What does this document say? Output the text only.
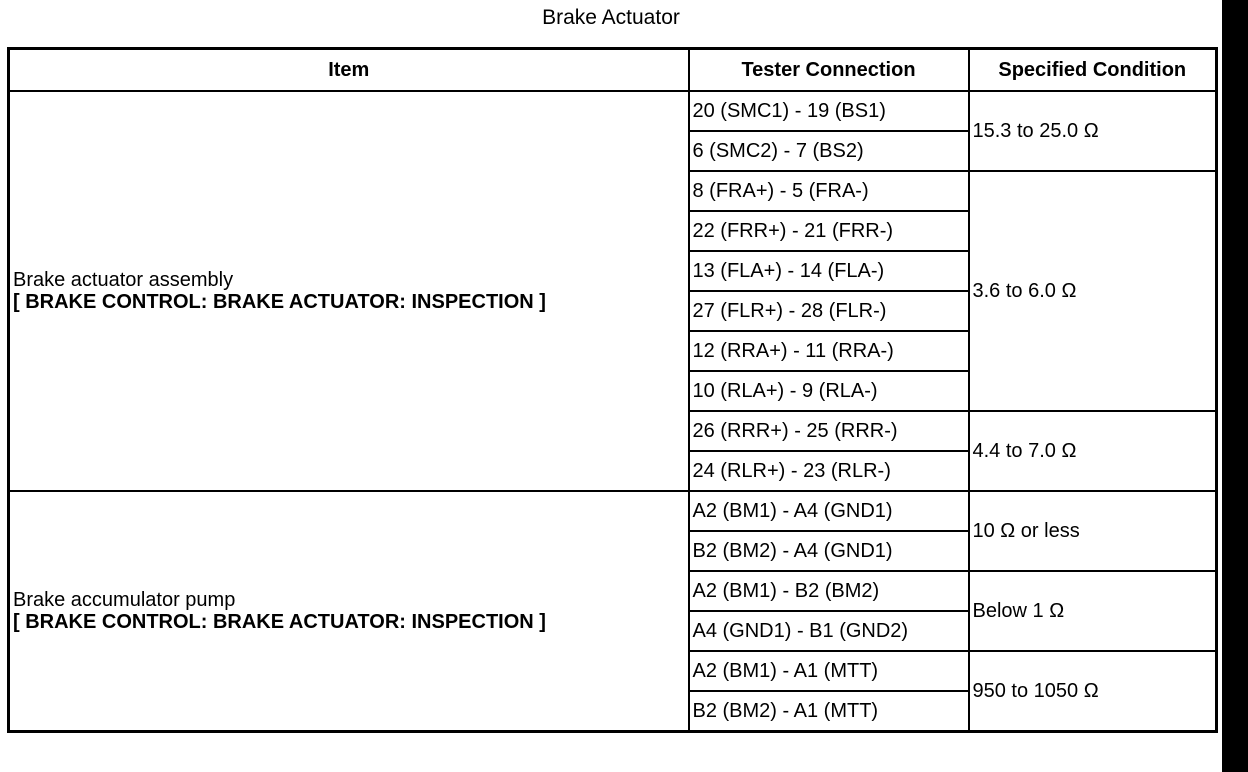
Brake Actuator
Item	Tester Connection	Specified Condition

Brake actuator assembly
[ BRAKE CONTROL: BRAKE ACTUATOR: INSPECTION ]	20 (SMC1) - 19 (BS1)	15.3 to 25.0 Ω
	6 (SMC2) - 7 (BS2)	
	8 (FRA+) - 5 (FRA-)	3.6 to 6.0 Ω
	22 (FRR+) - 21 (FRR-)	
	13 (FLA+) - 14 (FLA-)	
	27 (FLR+) - 28 (FLR-)	
	12 (RRA+) - 11 (RRA-)	
	10 (RLA+) - 9 (RLA-)	
	26 (RRR+) - 25 (RRR-)	4.4 to 7.0 Ω
	24 (RLR+) - 23 (RLR-)	

Brake accumulator pump
[ BRAKE CONTROL: BRAKE ACTUATOR: INSPECTION ]	A2 (BM1) - A4 (GND1)	10 Ω or less
	B2 (BM2) - A4 (GND1)	
	A2 (BM1) - B2 (BM2)	Below 1 Ω
	A4 (GND1) - B1 (GND2)	
	A2 (BM1) - A1 (MTT)	950 to 1050 Ω
	B2 (BM2) - A1 (MTT)	
